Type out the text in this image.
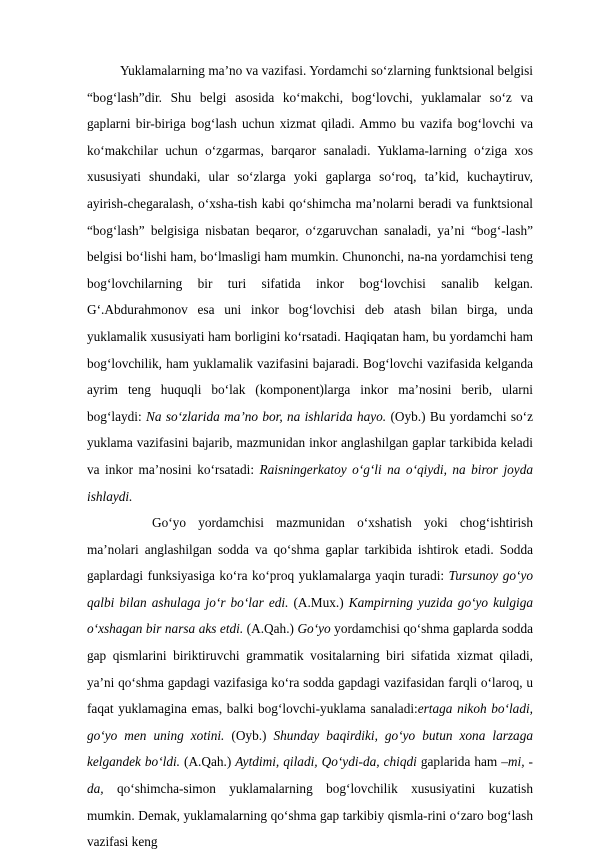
Yuklamalarning ma’no va vazifasi. Yordamchi so‘zlarning funktsional belgisi “bog‘lash”dir. Shu belgi asosida ko‘makchi, bog‘lovchi, yuklamalar so‘z va gaplarni bir-biriga bog‘lash uchun xizmat qiladi. Ammo bu vazifa bog‘lovchi va ko‘makchilar uchun o‘zgarmas, barqaror sanaladi. Yuklama-larning o‘ziga xos xususiyati shundaki, ular so‘zlarga yoki gaplarga so‘roq, ta’kid, kuchaytiruv, ayirish-chegaralash, o‘xsha-tish kabi qo‘shimcha ma’nolarni beradi va funktsional “bog‘lash” belgisiga nisbatan beqaror, o‘zgaruvchan sanaladi, ya’ni “bog‘-lash” belgisi bo‘lishi ham, bo‘lmasligi ham mumkin. Chunonchi, na-na yordamchisi teng bog‘lovchilarning bir turi sifatida inkor bog‘lovchisi sanalib kelgan. G‘.Abdurahmonov esa uni inkor bog‘lovchisi deb atash bilan birga, unda yuklamalik xususiyati ham borligini ko‘rsatadi. Haqiqatan ham, bu yordamchi ham bog‘lovchilik, ham yuklamalik vazifasini bajaradi. Bog‘lovchi vazifasida kelganda ayrim teng huquqli bo‘lak (komponent)larga inkor ma’nosini berib, ularni bog‘laydi: Na so‘zlarida ma’no bor, na ishlarida hayo. (Oyb.) Bu yordamchi so‘z yuklama vazifasini bajarib, mazmunidan inkor anglashilgan gaplar tarkibida keladi va inkor ma’nosini ko‘rsatadi: Raisningerkatoy o‘g‘li na o‘qiydi, na biror joyda ishlaydi.

Go‘yo yordamchisi mazmunidan o‘xshatish yoki chog‘ishtirish ma’nolari anglashilgan sodda va qo‘shma gaplar tarkibida ishtirok etadi. Sodda gaplardagi funksiyasiga ko‘ra ko‘proq yuklamalarga yaqin turadi: Tursunoy go‘yo qalbi bilan ashulaga jo‘r bo‘lar edi. (A.Mux.) Kampirning yuzida go‘yo kulgiga o‘xshagan bir narsa aks etdi. (A.Qah.) Go‘yo yordamchisi qo‘shma gaplarda sodda gap qismlarini biriktiruvchi grammatik vositalarning biri sifatida xizmat qiladi, ya’ni qo‘shma gapdagi vazifasiga ko‘ra sodda gapdagi vazifasidan farqli o‘laroq, u faqat yuklamagina emas, balki bog‘lovchi-yuklama sanaladi:ertaga nikoh bo‘ladi, go‘yo men uning xotini. (Oyb.) Shunday baqirdiki, go‘yo butun xona larzaga kelgandek bo‘ldi. (A.Qah.) Aytdimi, qiladi, Qo‘ydi-da, chiqdi gaplarida ham –mi, -da, qo‘shimcha-simon yuklamalarning bog‘lovchilik xususiyatini kuzatish mumkin. Demak, yuklamalarning qo‘shma gap tarkibiy qismla-rini o‘zaro bog‘lash vazifasi keng
